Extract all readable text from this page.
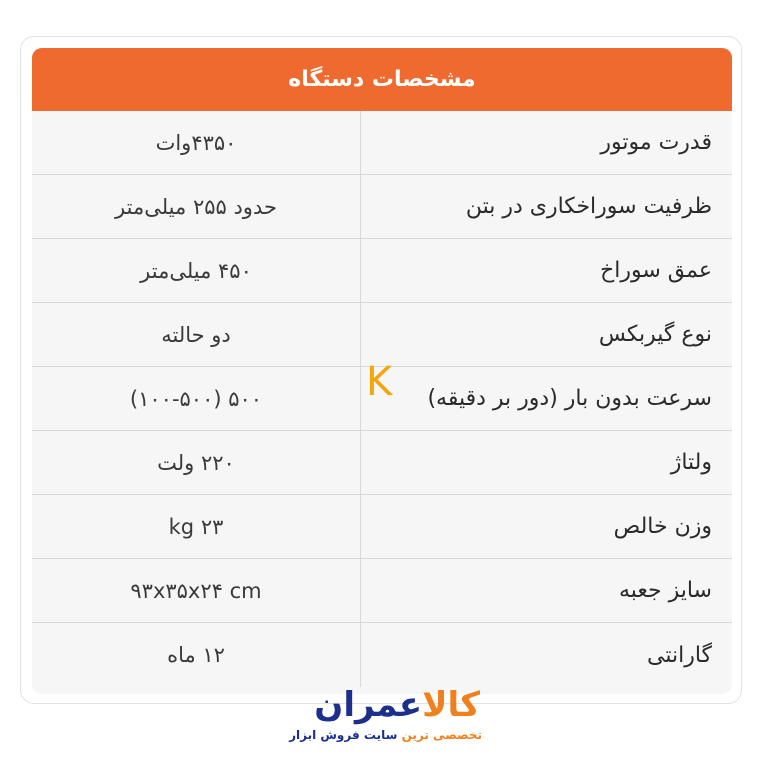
مشخصات دستگاه
قدرت موتور
۴۳۵۰وات
ظرفیت سوراخکاری در بتن
حدود ۲۵۵ میلی‌متر
عمق سوراخ
۴۵۰ میلی‌متر
نوع گیربکس
دو حالته
سرعت بدون بار (دور بر دقیقه)
۵۰۰ (۱۰۰-۵۰۰)
ولتاژ
۲۲۰ ولت
وزن خالص
۲۳ kg
سایز جعبه
۹۳x۳۵x۲۴ cm
گارانتی
۱۲ ماه
K
کالاعمران
تخصصی ترین سایت فروش ابزار
